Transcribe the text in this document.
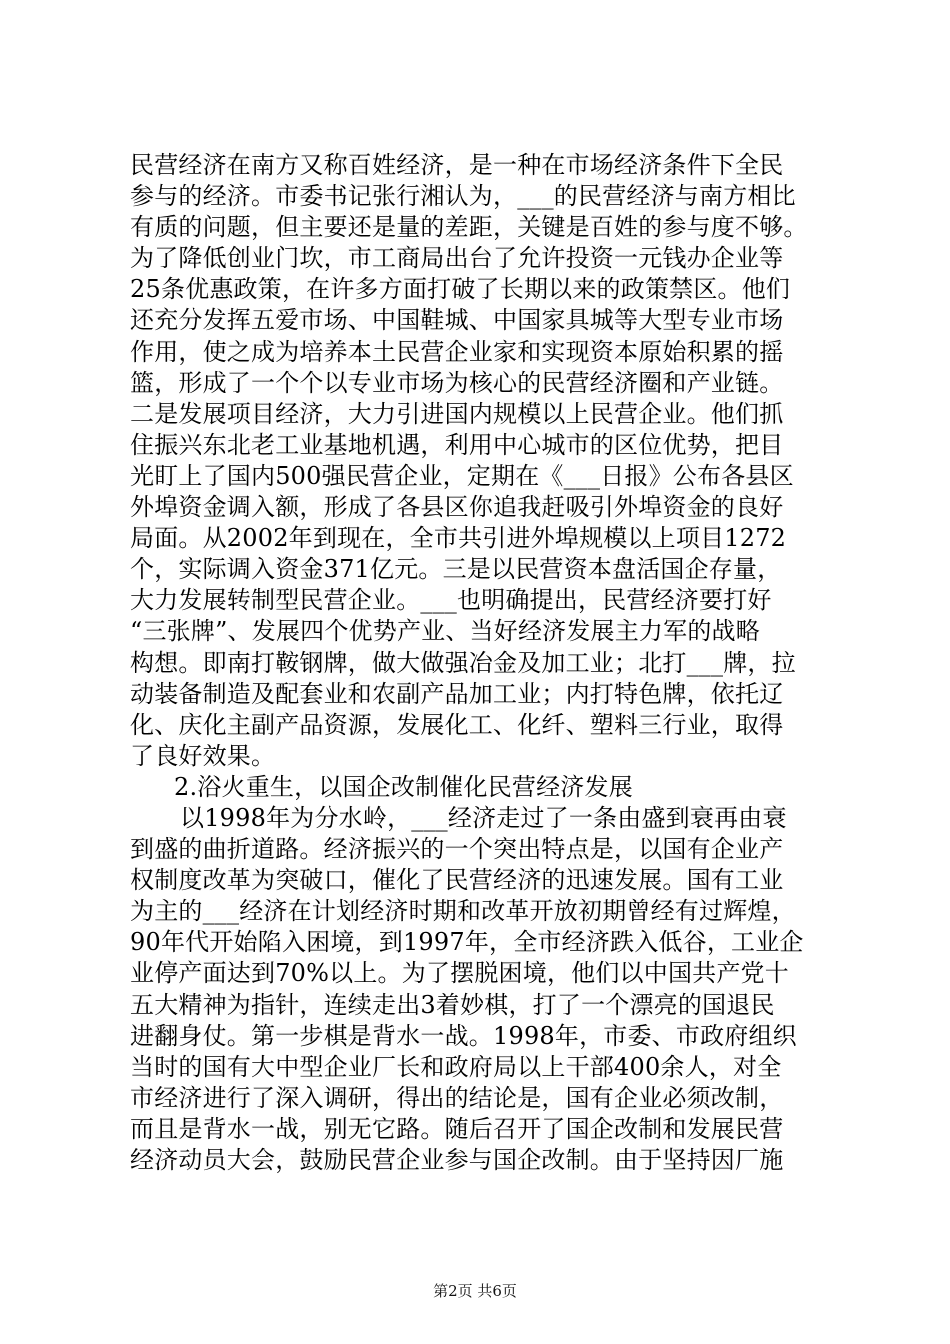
民营经济在南方又称百姓经济，是一种在市场经济条件下全民
参与的经济。市委书记张行湘认为，___的民营经济与南方相比
有质的问题，但主要还是量的差距，关键是百姓的参与度不够。
为了降低创业门坎，市工商局出台了允许投资一元钱办企业等
25条优惠政策，在许多方面打破了长期以来的政策禁区。他们
还充分发挥五爱市场、中国鞋城、中国家具城等大型专业市场
作用，使之成为培养本土民营企业家和实现资本原始积累的摇
篮，形成了一个个以专业市场为核心的民营经济圈和产业链。
二是发展项目经济，大力引进国内规模以上民营企业。他们抓
住振兴东北老工业基地机遇，利用中心城市的区位优势，把目
光盯上了国内500强民营企业，定期在《___日报》公布各县区
外埠资金调入额，形成了各县区你追我赶吸引外埠资金的良好
局面。从2002年到现在，全市共引进外埠规模以上项目1272
个，实际调入资金371亿元。三是以民营资本盘活国企存量，
大力发展转制型民营企业。___也明确提出，民营经济要打好
“三张牌”、发展四个优势产业、当好经济发展主力军的战略
构想。即南打鞍钢牌，做大做强冶金及加工业；北打___牌，拉
动装备制造及配套业和农副产品加工业；内打特色牌，依托辽
化、庆化主副产品资源，发展化工、化纤、塑料三行业，取得
了良好效果。
2.浴火重生，以国企改制催化民营经济发展
以1998年为分水岭，___经济走过了一条由盛到衰再由衰
到盛的曲折道路。经济振兴的一个突出特点是，以国有企业产
权制度改革为突破口，催化了民营经济的迅速发展。国有工业
为主的___经济在计划经济时期和改革开放初期曾经有过辉煌，
90年代开始陷入困境，到1997年，全市经济跌入低谷，工业企
业停产面达到70%以上。为了摆脱困境，他们以中国共产党十
五大精神为指针，连续走出3着妙棋，打了一个漂亮的国退民
进翻身仗。第一步棋是背水一战。1998年，市委、市政府组织
当时的国有大中型企业厂长和政府局以上干部400余人，对全
市经济进行了深入调研，得出的结论是，国有企业必须改制，
而且是背水一战，别无它路。随后召开了国企改制和发展民营
经济动员大会，鼓励民营企业参与国企改制。由于坚持因厂施
第2页 共6页
